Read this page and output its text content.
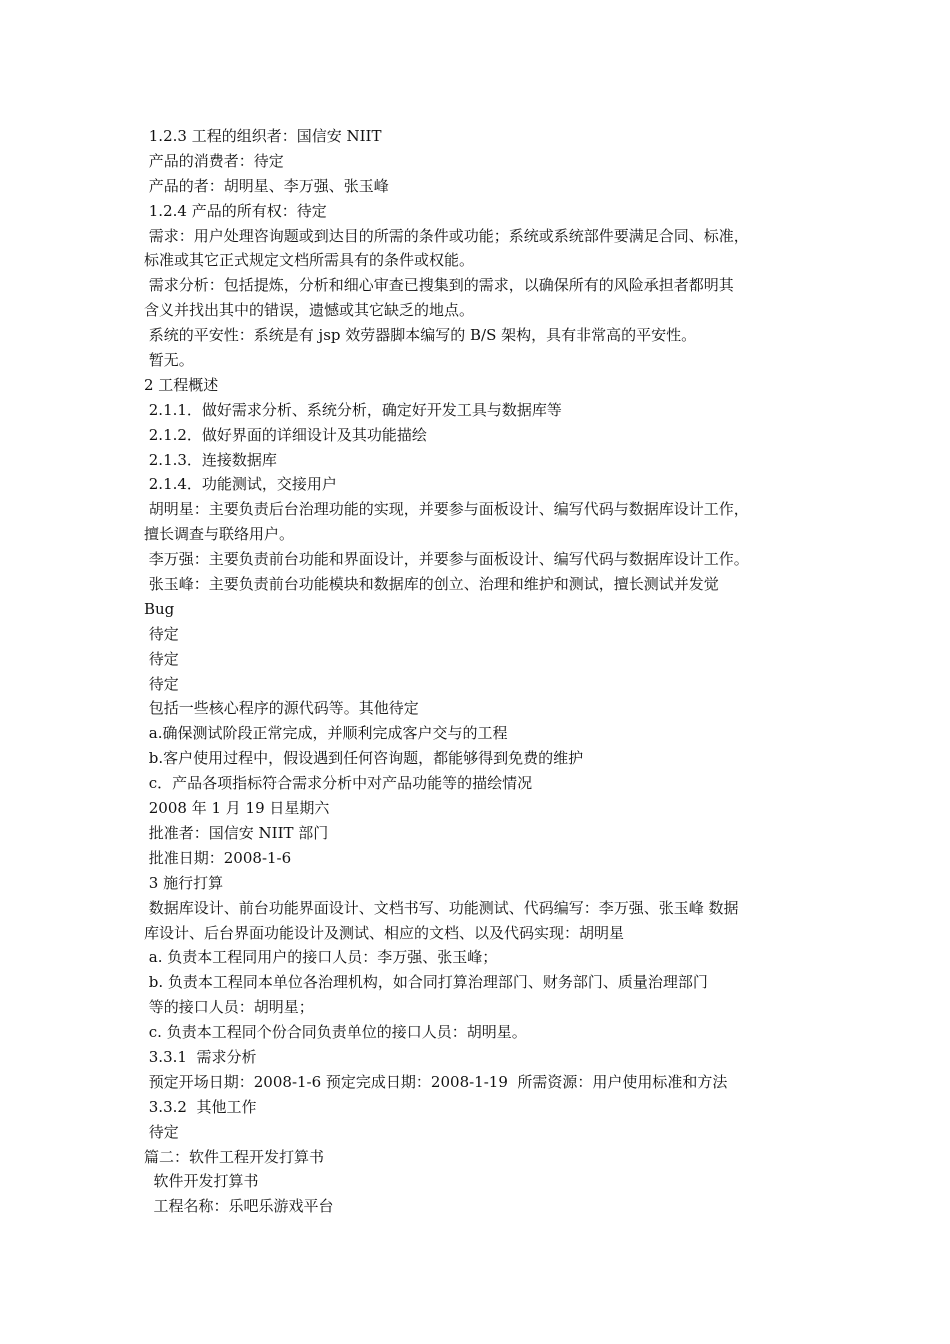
1.2.3 工程的组织者：国信安 NIIT
产品的消费者：待定
产品的者：胡明星、李万强、张玉峰
1.2.4 产品的所有权：待定
需求：用户处理咨询题或到达目的所需的条件或功能；系统或系统部件要满足合同、标准，
标准或其它正式规定文档所需具有的条件或权能。
需求分析：包括提炼，分析和细心审查已搜集到的需求，以确保所有的风险承担者都明其
含义并找出其中的错误，遗憾或其它缺乏的地点。
系统的平安性：系统是有 jsp 效劳器脚本编写的 B/S 架构，具有非常高的平安性。
暂无。
2 工程概述
2.1.1．做好需求分析、系统分析，确定好开发工具与数据库等
2.1.2．做好界面的详细设计及其功能描绘
2.1.3．连接数据库
2.1.4．功能测试，交接用户
胡明星：主要负责后台治理功能的实现，并要参与面板设计、编写代码与数据库设计工作，
擅长调查与联络用户。
李万强：主要负责前台功能和界面设计，并要参与面板设计、编写代码与数据库设计工作。
张玉峰：主要负责前台功能模块和数据库的创立、治理和维护和测试，擅长测试并发觉
Bug
待定
待定
待定
包括一些核心程序的源代码等。其他待定
a.确保测试阶段正常完成，并顺利完成客户交与的工程
b.客户使用过程中，假设遇到任何咨询题，都能够得到免费的维护
c．产品各项指标符合需求分析中对产品功能等的描绘情况
2008 年 1 月 19 日星期六
批准者：国信安 NIIT 部门
批准日期：2008-1-6
3 施行打算
数据库设计、前台功能界面设计、文档书写、功能测试、代码编写：李万强、张玉峰 数据
库设计、后台界面功能设计及测试、相应的文档、以及代码实现：胡明星
a. 负责本工程同用户的接口人员：李万强、张玉峰；
b. 负责本工程同本单位各治理机构，如合同打算治理部门、财务部门、质量治理部门
等的接口人员：胡明星；
c. 负责本工程同个份合同负责单位的接口人员：胡明星。
3.3.1  需求分析
预定开场日期：2008-1-6 预定完成日期：2008-1-19  所需资源：用户使用标准和方法
3.3.2  其他工作
待定
篇二：软件工程开发打算书
软件开发打算书
工程名称：乐吧乐游戏平台
